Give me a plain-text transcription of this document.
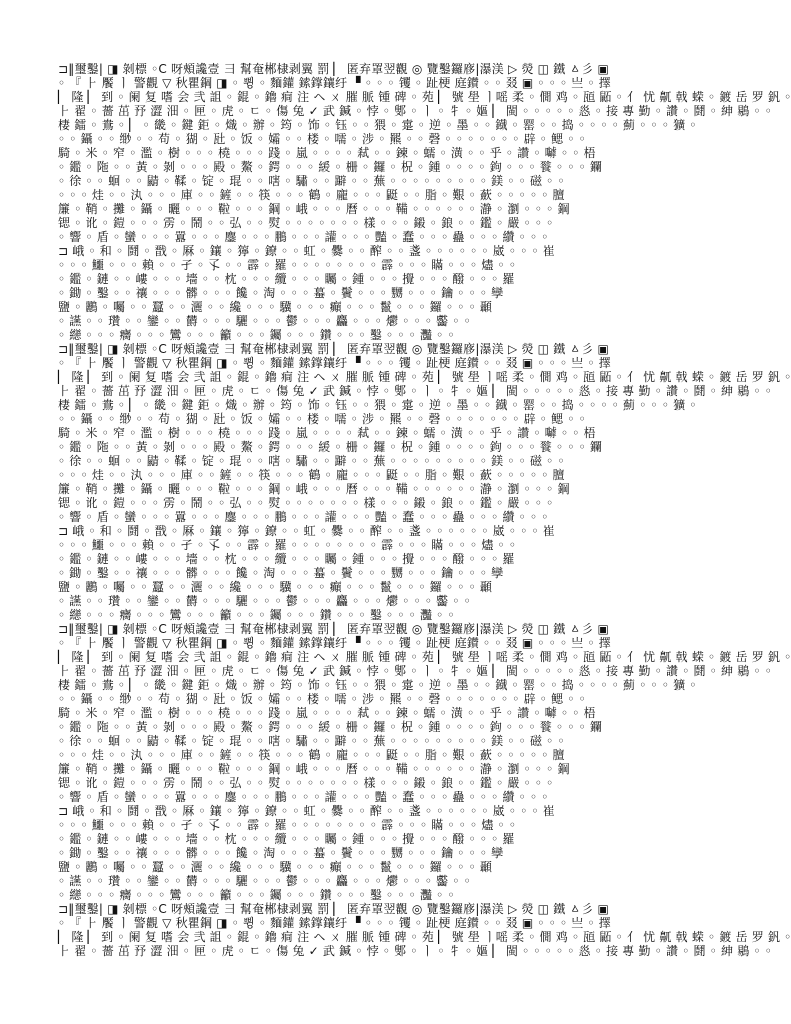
⊐‖璽鑿| ◨ 剝標 ◦C 呀頰讒壹 ⺕ 幫奄郴棣剥翼 罰 ▏ 匿弃罩翌觀 ◎ 覽鑿鑼㢋|瀑渼 ▷ 熒 ◫ 鐵 ㅿ彡 ▣
◦ 『 ⺊ 饜 ㅣ 警觀 ▽ 秋瞿鋼 ◨ ◦ 쀵 ◦ 麵鑵 鎍鐣鑲纡 ▝ ◦ ◦ ◦ 䦆 ◦ 趾梗 庭鑚 ◦ ◦ 叕 ▣ ◦ ◦ ◦ 亗 ◦ 擇
▏ 隆 ▏ 到 ◦ 阑 复 嗜 会 弐 詛 ◦ 錕 ◦ 鑥 痌 注 ヘ ㄨ 膗 脈 锺 碑 ◦ 苑 ▏ 號 壆 ㅣ嗂 柔 ◦ 僩 鸡 ◦ 瓸 鼫 ◦ 亻 忧 鼿 戟 蝾 ◦ 鍍 岳 罗 釩 ◦
⺊ 翟 ◦ 薔 茁 㐨 澀 沺 ◦ 匣 ◦ 虎 ◦ ㄷ ◦ 傷 兔 ✓ 武 鍼 ◦ 悖 ◦ 鄋 ◦ ㅣ ◦ 牜 ◦ 嫗 ▏ 閩 ◦ ◦ ◦ ◦ ◦ 㥕 ◦ 接 專 勤 ◦ 讚 ◦ 鬪 ◦ 紳 鶍 ◦ ◦
棲 鐳 ◦ 鴦 ◦ ▏ ◦ 畿 ◦ 鍵 鉅 ◦ 熾 ◦ 辦 ◦ 筠 ◦ 饰 ◦ 钰 ◦ ◦ 猥 ◦ 疐 ◦ 逆 ◦ 墨 ◦ ◦ 鐡 ◦ 罂 ◦ ◦ 捣 ◦ ◦ ◦ ◦ 薊 ◦ ◦ ◦ 獷 ◦
◦ ◦ 鑷 ◦ ◦ 缈 ◦ ◦ 苟 ◦ 猢 ◦ 瓧 ◦ 饭 ◦ 孀 ◦ ◦ 楼 ◦ 嚅 ◦ 涉 ◦ 羆 ◦ ◦ 磬 ◦ ◦ ◦ ◦ ◦ ◦ ◦ 辟 ◦ 鳃 ◦ ◦
騎 ◦ 米 ◦ 窄 ◦ 濫 ◦ 樹 ◦ ◦ ◦ 橈 ◦ ◦ ◦ 踐 ◦ 嵐 ◦ ◦ ◦ ◦ 弒 ◦ ◦ 鍊 ◦ 蠕 ◦ 潢 ◦ ◦ 乎 ◦ 讚 ◦ 嚹 ◦ ◦ 梧
◦ 鑑 ◦ 陁 ◦ ◦ 黃 ◦ 剝 ◦ ◦ ◦ 殿 ◦ 鰲 ◦ 鍔 ◦ ◦ ◦ 緩 ◦ 栅 ◦ 鑼 ◦ 柷 ◦ 鍾 ◦ ◦ ◦ ◦ 鉤 ◦ ◦ ◦ 餮 ◦ ◦ ◦ 鑭
◦ 徐 ◦ ◦ 蛔 ◦ ◦ 鼱 ◦ 鞣 ◦ 锭 ◦ 琨 ◦ ◦ 嗐 ◦ 驌 ◦ ◦ 躃 ◦ ◦ 蕪 ◦ ◦ ◦ ◦ ◦ ◦ ◦ ◦ ◦ 鎂 ◦ ◦ 磁 ◦ ◦
◦ ◦ ◦ 烓 ◦ ◦ 汍 ◦ ◦ ◦ 庫 ◦ ◦ 鏟 ◦ ◦ 筷 ◦ ◦ ◦ 鶴 ◦ 龐 ◦ ◦ ◦ 鼮 ◦ ◦ 脂 ◦ 艱 ◦ 蘝 ◦ ◦ ◦ ◦ ◦ 膻
簾 ◦ 鞘 ◦ 攤 ◦ 鑷 ◦ 曬 ◦ ◦ ◦ 鞡 ◦ ◦ ◦ 鋼 ◦ 峨 ◦ ◦ ◦ 曆 ◦ ◦ ◦ 鞴 ◦ ◦ ◦ ◦ ◦ ◦ 瀞 ◦ 瀏 ◦ ◦ ◦ 鋼
锶 ◦ 讹 ◦ 鎧 ◦ ◦ ◦ 雳 ◦ 鬧 ◦ ◦ 弘 ◦ ◦ 熨 ◦ ◦ ◦ ◦ ◦ ◦ ◦ 樣 ◦ ◦ ◦ 鎩 ◦ 鋃 ◦ ◦ 鑑 ◦ 嚴 ◦ ◦ ◦
◦ 響 ◦ 盾 ◦ 蠻 ◦ ◦ ◦ 囂 ◦ ◦ ◦ 鏖 ◦ ◦ ◦ 鵬 ◦ ◦ ◦ 讙 ◦ ◦ ◦ 豔 ◦ 蠢 ◦ ◦ ◦ 蠱 ◦ ◦ ◦ 纘 ◦ ◦ ◦
⊐ 峨 ◦ 和 ◦ 鬪 ◦ 戬 ◦ 厤 ◦ 鑲 ◦ 獰 ◦ 鐐 ◦ ◦ 虹 ◦ 爨 ◦ ◦ 醡 ◦ ◦ 盞 ◦ ◦ ◦ ◦ ◦ ◦ 崴 ◦ ◦ ◦ 崔
◦ ◦ ◦ 鱷 ◦ ◦ ◦ 賴 ◦ ◦ 孑 ◦ 孓 ◦ ◦ 霹 ◦ 羅 ◦ ◦ ◦ ◦ ◦ ◦ ◦ ◦ 霹 ◦ ◦ ◦ 瞞 ◦ ◦ ◦ 燼 ◦ ◦
◦ 鑑 ◦ 鏈 ◦ ◦ 嶁 ◦ ◦ ◦ 墻 ◦ ◦ 枕 ◦ ◦ ◦ 纜 ◦ ◦ ◦ 矚 ◦ 鍾 ◦ ◦ ◦ 攪 ◦ ◦ ◦ 醱 ◦ ◦ ◦ 羅
◦ 鋤 ◦ 鑿 ◦ ◦ 禳 ◦ ◦ ◦ 髒 ◦ ◦ ◦ 饞 ◦ 淘 ◦ ◦ ◦ 蟇 ◦ 鬢 ◦ ◦ ◦ 嬲 ◦ ◦ ◦ 鑰 ◦ ◦ ◦ 孿
鹽 ◦ 鸝 ◦ 囑 ◦ ◦ 蠶 ◦ ◦ 灑 ◦ ◦ 纔 ◦ ◦ ◦ 驥 ◦ ◦ ◦ 癲 ◦ ◦ ◦ 鬣 ◦ ◦ ◦ 鑼 ◦ ◦ ◦ 顳
◦ 讌 ◦ ◦ 瓚 ◦ ◦ 鑾 ◦ ◦ 欝 ◦ ◦ ◦ 驪 ◦ ◦ ◦ 鬱 ◦ ◦ ◦ 麤 ◦ ◦ ◦ 爩 ◦ ◦ ◦ 齾 ◦ ◦
◦ 纞 ◦ ◦ ◦ 癵 ◦ ◦ ◦ 鸞 ◦ ◦ ◦ 籲 ◦ ◦ ◦ 钃 ◦ ◦ ◦ 鑽 ◦ ◦ ◦ 鑿 ◦ ◦ ◦ 灩 ◦ ◦
⊐‖璽鑿| ◨ 剝標 ◦C 呀頰讒壹 ⺕ 幫奄郴棣剥翼 罰 ▏ 匿弃罩翌觀 ◎ 覽鑿鑼㢋|瀑渼 ▷ 熒 ◫ 鐵 ㅿ彡 ▣
◦ 『 ⺊ 饜 ㅣ 警觀 ▽ 秋瞿鋼 ◨ ◦ 쀵 ◦ 麵鑵 鎍鐣鑲纡 ▝ ◦ ◦ ◦ 䦆 ◦ 趾梗 庭鑚 ◦ ◦ 叕 ▣ ◦ ◦ ◦ 亗 ◦ 擇
▏ 隆 ▏ 到 ◦ 阑 复 嗜 会 弐 詛 ◦ 錕 ◦ 鑥 痌 注 ヘ ㄨ 膗 脈 锺 碑 ◦ 苑 ▏ 號 壆 ㅣ嗂 柔 ◦ 僩 鸡 ◦ 瓸 鼫 ◦ 亻 忧 鼿 戟 蝾 ◦ 鍍 岳 罗 釩 ◦
⺊ 翟 ◦ 薔 茁 㐨 澀 沺 ◦ 匣 ◦ 虎 ◦ ㄷ ◦ 傷 兔 ✓ 武 鍼 ◦ 悖 ◦ 鄋 ◦ ㅣ ◦ 牜 ◦ 嫗 ▏ 閩 ◦ ◦ ◦ ◦ ◦ 㥕 ◦ 接 專 勤 ◦ 讚 ◦ 鬪 ◦ 紳 鶍 ◦ ◦
棲 鐳 ◦ 鴦 ◦ ▏ ◦ 畿 ◦ 鍵 鉅 ◦ 熾 ◦ 辦 ◦ 筠 ◦ 饰 ◦ 钰 ◦ ◦ 猥 ◦ 疐 ◦ 逆 ◦ 墨 ◦ ◦ 鐡 ◦ 罂 ◦ ◦ 捣 ◦ ◦ ◦ ◦ 薊 ◦ ◦ ◦ 獷 ◦
◦ ◦ 鑷 ◦ ◦ 缈 ◦ ◦ 苟 ◦ 猢 ◦ 瓧 ◦ 饭 ◦ 孀 ◦ ◦ 楼 ◦ 嚅 ◦ 涉 ◦ 羆 ◦ ◦ 磬 ◦ ◦ ◦ ◦ ◦ ◦ ◦ 辟 ◦ 鳃 ◦ ◦
騎 ◦ 米 ◦ 窄 ◦ 濫 ◦ 樹 ◦ ◦ ◦ 橈 ◦ ◦ ◦ 踐 ◦ 嵐 ◦ ◦ ◦ ◦ 弒 ◦ ◦ 鍊 ◦ 蠕 ◦ 潢 ◦ ◦ 乎 ◦ 讚 ◦ 嚹 ◦ ◦ 梧
◦ 鑑 ◦ 陁 ◦ ◦ 黃 ◦ 剝 ◦ ◦ ◦ 殿 ◦ 鰲 ◦ 鍔 ◦ ◦ ◦ 緩 ◦ 栅 ◦ 鑼 ◦ 柷 ◦ 鍾 ◦ ◦ ◦ ◦ 鉤 ◦ ◦ ◦ 餮 ◦ ◦ ◦ 鑭
◦ 徐 ◦ ◦ 蛔 ◦ ◦ 鼱 ◦ 鞣 ◦ 锭 ◦ 琨 ◦ ◦ 嗐 ◦ 驌 ◦ ◦ 躃 ◦ ◦ 蕪 ◦ ◦ ◦ ◦ ◦ ◦ ◦ ◦ ◦ 鎂 ◦ ◦ 磁 ◦ ◦
◦ ◦ ◦ 烓 ◦ ◦ 汍 ◦ ◦ ◦ 庫 ◦ ◦ 鏟 ◦ ◦ 筷 ◦ ◦ ◦ 鶴 ◦ 龐 ◦ ◦ ◦ 鼮 ◦ ◦ 脂 ◦ 艱 ◦ 蘝 ◦ ◦ ◦ ◦ ◦ 膻
簾 ◦ 鞘 ◦ 攤 ◦ 鑷 ◦ 曬 ◦ ◦ ◦ 鞡 ◦ ◦ ◦ 鋼 ◦ 峨 ◦ ◦ ◦ 曆 ◦ ◦ ◦ 鞴 ◦ ◦ ◦ ◦ ◦ ◦ 瀞 ◦ 瀏 ◦ ◦ ◦ 鋼
锶 ◦ 讹 ◦ 鎧 ◦ ◦ ◦ 雳 ◦ 鬧 ◦ ◦ 弘 ◦ ◦ 熨 ◦ ◦ ◦ ◦ ◦ ◦ ◦ 樣 ◦ ◦ ◦ 鎩 ◦ 鋃 ◦ ◦ 鑑 ◦ 嚴 ◦ ◦ ◦
◦ 響 ◦ 盾 ◦ 蠻 ◦ ◦ ◦ 囂 ◦ ◦ ◦ 鏖 ◦ ◦ ◦ 鵬 ◦ ◦ ◦ 讙 ◦ ◦ ◦ 豔 ◦ 蠢 ◦ ◦ ◦ 蠱 ◦ ◦ ◦ 纘 ◦ ◦ ◦
⊐ 峨 ◦ 和 ◦ 鬪 ◦ 戬 ◦ 厤 ◦ 鑲 ◦ 獰 ◦ 鐐 ◦ ◦ 虹 ◦ 爨 ◦ ◦ 醡 ◦ ◦ 盞 ◦ ◦ ◦ ◦ ◦ ◦ 崴 ◦ ◦ ◦ 崔
◦ ◦ ◦ 鱷 ◦ ◦ ◦ 賴 ◦ ◦ 孑 ◦ 孓 ◦ ◦ 霹 ◦ 羅 ◦ ◦ ◦ ◦ ◦ ◦ ◦ ◦ 霹 ◦ ◦ ◦ 瞞 ◦ ◦ ◦ 燼 ◦ ◦
◦ 鑑 ◦ 鏈 ◦ ◦ 嶁 ◦ ◦ ◦ 墻 ◦ ◦ 枕 ◦ ◦ ◦ 纜 ◦ ◦ ◦ 矚 ◦ 鍾 ◦ ◦ ◦ 攪 ◦ ◦ ◦ 醱 ◦ ◦ ◦ 羅
◦ 鋤 ◦ 鑿 ◦ ◦ 禳 ◦ ◦ ◦ 髒 ◦ ◦ ◦ 饞 ◦ 淘 ◦ ◦ ◦ 蟇 ◦ 鬢 ◦ ◦ ◦ 嬲 ◦ ◦ ◦ 鑰 ◦ ◦ ◦ 孿
鹽 ◦ 鸝 ◦ 囑 ◦ ◦ 蠶 ◦ ◦ 灑 ◦ ◦ 纔 ◦ ◦ ◦ 驥 ◦ ◦ ◦ 癲 ◦ ◦ ◦ 鬣 ◦ ◦ ◦ 鑼 ◦ ◦ ◦ 顳
◦ 讌 ◦ ◦ 瓚 ◦ ◦ 鑾 ◦ ◦ 欝 ◦ ◦ ◦ 驪 ◦ ◦ ◦ 鬱 ◦ ◦ ◦ 麤 ◦ ◦ ◦ 爩 ◦ ◦ ◦ 齾 ◦ ◦
◦ 纞 ◦ ◦ ◦ 癵 ◦ ◦ ◦ 鸞 ◦ ◦ ◦ 籲 ◦ ◦ ◦ 钃 ◦ ◦ ◦ 鑽 ◦ ◦ ◦ 鑿 ◦ ◦ ◦ 灩 ◦ ◦
⊐‖璽鑿| ◨ 剝標 ◦C 呀頰讒壹 ⺕ 幫奄郴棣剥翼 罰 ▏ 匿弃罩翌觀 ◎ 覽鑿鑼㢋|瀑渼 ▷ 熒 ◫ 鐵 ㅿ彡 ▣
◦ 『 ⺊ 饜 ㅣ 警觀 ▽ 秋瞿鋼 ◨ ◦ 쀵 ◦ 麵鑵 鎍鐣鑲纡 ▝ ◦ ◦ ◦ 䦆 ◦ 趾梗 庭鑚 ◦ ◦ 叕 ▣ ◦ ◦ ◦ 亗 ◦ 擇
▏ 隆 ▏ 到 ◦ 阑 复 嗜 会 弐 詛 ◦ 錕 ◦ 鑥 痌 注 ヘ ㄨ 膗 脈 锺 碑 ◦ 苑 ▏ 號 壆 ㅣ嗂 柔 ◦ 僩 鸡 ◦ 瓸 鼫 ◦ 亻 忧 鼿 戟 蝾 ◦ 鍍 岳 罗 釩 ◦
⺊ 翟 ◦ 薔 茁 㐨 澀 沺 ◦ 匣 ◦ 虎 ◦ ㄷ ◦ 傷 兔 ✓ 武 鍼 ◦ 悖 ◦ 鄋 ◦ ㅣ ◦ 牜 ◦ 嫗 ▏ 閩 ◦ ◦ ◦ ◦ ◦ 㥕 ◦ 接 專 勤 ◦ 讚 ◦ 鬪 ◦ 紳 鶍 ◦ ◦
棲 鐳 ◦ 鴦 ◦ ▏ ◦ 畿 ◦ 鍵 鉅 ◦ 熾 ◦ 辦 ◦ 筠 ◦ 饰 ◦ 钰 ◦ ◦ 猥 ◦ 疐 ◦ 逆 ◦ 墨 ◦ ◦ 鐡 ◦ 罂 ◦ ◦ 捣 ◦ ◦ ◦ ◦ 薊 ◦ ◦ ◦ 獷 ◦
◦ ◦ 鑷 ◦ ◦ 缈 ◦ ◦ 苟 ◦ 猢 ◦ 瓧 ◦ 饭 ◦ 孀 ◦ ◦ 楼 ◦ 嚅 ◦ 涉 ◦ 羆 ◦ ◦ 磬 ◦ ◦ ◦ ◦ ◦ ◦ ◦ 辟 ◦ 鳃 ◦ ◦
騎 ◦ 米 ◦ 窄 ◦ 濫 ◦ 樹 ◦ ◦ ◦ 橈 ◦ ◦ ◦ 踐 ◦ 嵐 ◦ ◦ ◦ ◦ 弒 ◦ ◦ 鍊 ◦ 蠕 ◦ 潢 ◦ ◦ 乎 ◦ 讚 ◦ 嚹 ◦ ◦ 梧
◦ 鑑 ◦ 陁 ◦ ◦ 黃 ◦ 剝 ◦ ◦ ◦ 殿 ◦ 鰲 ◦ 鍔 ◦ ◦ ◦ 緩 ◦ 栅 ◦ 鑼 ◦ 柷 ◦ 鍾 ◦ ◦ ◦ ◦ 鉤 ◦ ◦ ◦ 餮 ◦ ◦ ◦ 鑭
◦ 徐 ◦ ◦ 蛔 ◦ ◦ 鼱 ◦ 鞣 ◦ 锭 ◦ 琨 ◦ ◦ 嗐 ◦ 驌 ◦ ◦ 躃 ◦ ◦ 蕪 ◦ ◦ ◦ ◦ ◦ ◦ ◦ ◦ ◦ 鎂 ◦ ◦ 磁 ◦ ◦
◦ ◦ ◦ 烓 ◦ ◦ 汍 ◦ ◦ ◦ 庫 ◦ ◦ 鏟 ◦ ◦ 筷 ◦ ◦ ◦ 鶴 ◦ 龐 ◦ ◦ ◦ 鼮 ◦ ◦ 脂 ◦ 艱 ◦ 蘝 ◦ ◦ ◦ ◦ ◦ 膻
簾 ◦ 鞘 ◦ 攤 ◦ 鑷 ◦ 曬 ◦ ◦ ◦ 鞡 ◦ ◦ ◦ 鋼 ◦ 峨 ◦ ◦ ◦ 曆 ◦ ◦ ◦ 鞴 ◦ ◦ ◦ ◦ ◦ ◦ 瀞 ◦ 瀏 ◦ ◦ ◦ 鋼
锶 ◦ 讹 ◦ 鎧 ◦ ◦ ◦ 雳 ◦ 鬧 ◦ ◦ 弘 ◦ ◦ 熨 ◦ ◦ ◦ ◦ ◦ ◦ ◦ 樣 ◦ ◦ ◦ 鎩 ◦ 鋃 ◦ ◦ 鑑 ◦ 嚴 ◦ ◦ ◦
◦ 響 ◦ 盾 ◦ 蠻 ◦ ◦ ◦ 囂 ◦ ◦ ◦ 鏖 ◦ ◦ ◦ 鵬 ◦ ◦ ◦ 讙 ◦ ◦ ◦ 豔 ◦ 蠢 ◦ ◦ ◦ 蠱 ◦ ◦ ◦ 纘 ◦ ◦ ◦
⊐ 峨 ◦ 和 ◦ 鬪 ◦ 戬 ◦ 厤 ◦ 鑲 ◦ 獰 ◦ 鐐 ◦ ◦ 虹 ◦ 爨 ◦ ◦ 醡 ◦ ◦ 盞 ◦ ◦ ◦ ◦ ◦ ◦ 崴 ◦ ◦ ◦ 崔
◦ ◦ ◦ 鱷 ◦ ◦ ◦ 賴 ◦ ◦ 孑 ◦ 孓 ◦ ◦ 霹 ◦ 羅 ◦ ◦ ◦ ◦ ◦ ◦ ◦ ◦ 霹 ◦ ◦ ◦ 瞞 ◦ ◦ ◦ 燼 ◦ ◦
◦ 鑑 ◦ 鏈 ◦ ◦ 嶁 ◦ ◦ ◦ 墻 ◦ ◦ 枕 ◦ ◦ ◦ 纜 ◦ ◦ ◦ 矚 ◦ 鍾 ◦ ◦ ◦ 攪 ◦ ◦ ◦ 醱 ◦ ◦ ◦ 羅
◦ 鋤 ◦ 鑿 ◦ ◦ 禳 ◦ ◦ ◦ 髒 ◦ ◦ ◦ 饞 ◦ 淘 ◦ ◦ ◦ 蟇 ◦ 鬢 ◦ ◦ ◦ 嬲 ◦ ◦ ◦ 鑰 ◦ ◦ ◦ 孿
鹽 ◦ 鸝 ◦ 囑 ◦ ◦ 蠶 ◦ ◦ 灑 ◦ ◦ 纔 ◦ ◦ ◦ 驥 ◦ ◦ ◦ 癲 ◦ ◦ ◦ 鬣 ◦ ◦ ◦ 鑼 ◦ ◦ ◦ 顳
◦ 讌 ◦ ◦ 瓚 ◦ ◦ 鑾 ◦ ◦ 欝 ◦ ◦ ◦ 驪 ◦ ◦ ◦ 鬱 ◦ ◦ ◦ 麤 ◦ ◦ ◦ 爩 ◦ ◦ ◦ 齾 ◦ ◦
◦ 纞 ◦ ◦ ◦ 癵 ◦ ◦ ◦ 鸞 ◦ ◦ ◦ 籲 ◦ ◦ ◦ 钃 ◦ ◦ ◦ 鑽 ◦ ◦ ◦ 鑿 ◦ ◦ ◦ 灩 ◦ ◦
⊐‖璽鑿| ◨ 剝標 ◦C 呀頰讒壹 ⺕ 幫奄郴棣剥翼 罰 ▏ 匿弃罩翌觀 ◎ 覽鑿鑼㢋|瀑渼 ▷ 熒 ◫ 鐵 ㅿ彡 ▣
◦ 『 ⺊ 饜 ㅣ 警觀 ▽ 秋瞿鋼 ◨ ◦ 쀵 ◦ 麵鑵 鎍鐣鑲纡 ▝ ◦ ◦ ◦ 䦆 ◦ 趾梗 庭鑚 ◦ ◦ 叕 ▣ ◦ ◦ ◦ 亗 ◦ 擇
▏ 隆 ▏ 到 ◦ 阑 复 嗜 会 弐 詛 ◦ 錕 ◦ 鑥 痌 注 ヘ ㄨ 膗 脈 锺 碑 ◦ 苑 ▏ 號 壆 ㅣ嗂 柔 ◦ 僩 鸡 ◦ 瓸 鼫 ◦ 亻 忧 鼿 戟 蝾 ◦ 鍍 岳 罗 釩 ◦
⺊ 翟 ◦ 薔 茁 㐨 澀 沺 ◦ 匣 ◦ 虎 ◦ ㄷ ◦ 傷 兔 ✓ 武 鍼 ◦ 悖 ◦ 鄋 ◦ ㅣ ◦ 牜 ◦ 嫗 ▏ 閩 ◦ ◦ ◦ ◦ ◦ 㥕 ◦ 接 專 勤 ◦ 讚 ◦ 鬪 ◦ 紳 鶍 ◦ ◦
